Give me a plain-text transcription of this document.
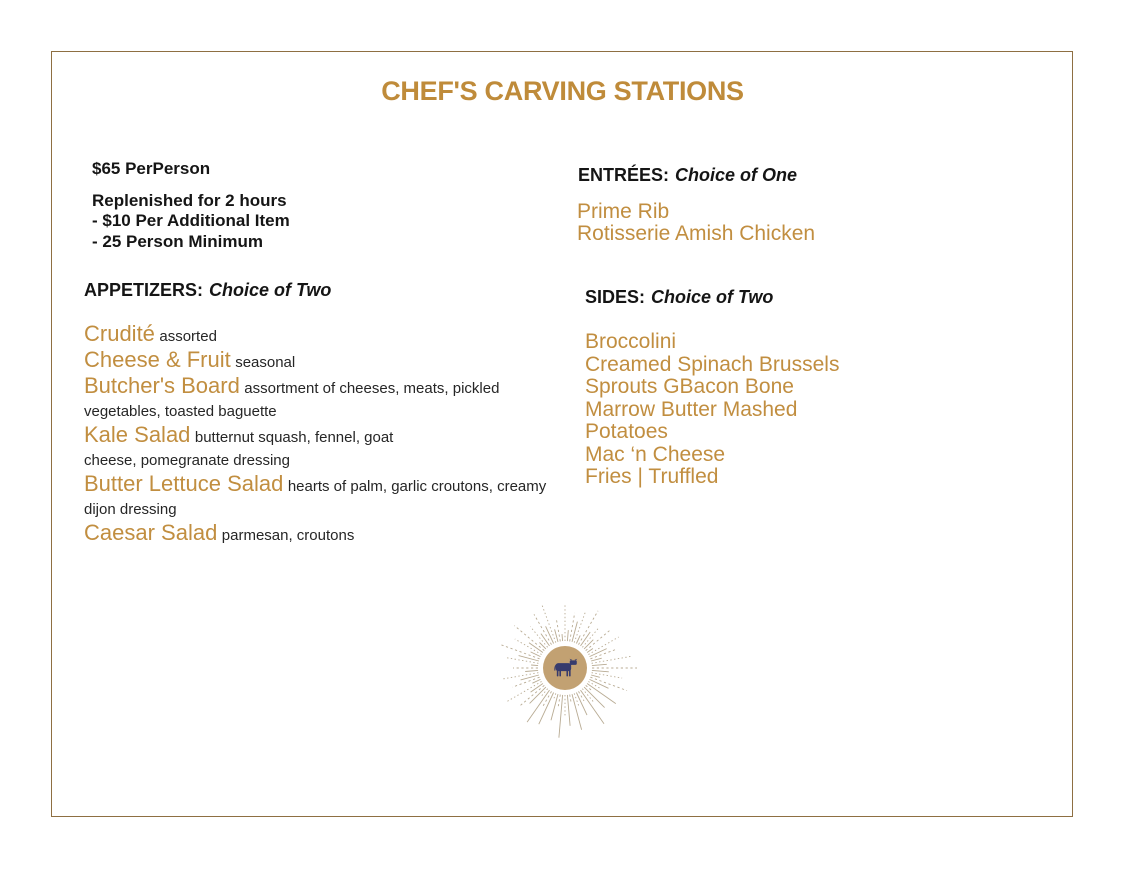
CHEF'S CARVING STATIONS
$65 PerPerson
Replenished for 2 hours
- $10 Per Additional Item
- 25 Person Minimum
APPETIZERS: Choice of Two
Crudité assorted
Cheese & Fruit seasonal
Butcher's Board assortment of cheeses, meats, pickled vegetables, toasted baguette
Kale Salad butternut squash, fennel, goat cheese, pomegranate dressing
Butter Lettuce Salad hearts of palm, garlic croutons, creamy dijon dressing
Caesar Salad parmesan, croutons
ENTRÉES: Choice of One
Prime Rib
Rotisserie Amish Chicken
SIDES: Choice of Two
Broccolini
Creamed Spinach Brussels
Sprouts GBacon Bone
Marrow Butter Mashed
Potatoes
Mac ‘n Cheese
Fries | Truffled
